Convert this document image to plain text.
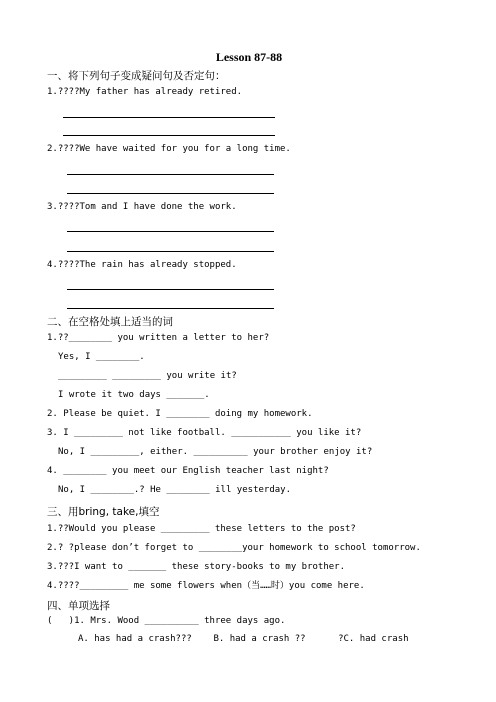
Lesson 87-88
一、将下列句子变成疑问句及否定句：
1.????My father has already retired.
2.????We have waited for you for a long time.
3.????Tom and I have done the work.
4.????The rain has already stopped.
二、在空格处填上适当的词
1.??________ you written a letter to her?
Yes, I ________.
_________ _________ you write it?
I wrote it two days _______.
2. Please be quiet. I ________ doing my homework.
3. I _________ not like football. ___________ you like it?
No, I _________, either. __________ your brother enjoy it?
4. ________ you meet our English teacher last night?
No, I ________.? He ________ ill yesterday.
三、用bring, take,填空
1.??Would you please _________ these letters to the post?
2.? ?please don’t forget to ________your homework to school tomorrow.
3.???I want to _______ these story-books to my brother.
4.????_________ me some flowers when（当……时）you come here.
四、单项选择
(   )1. Mrs. Wood __________ three days ago.
A. has had a crash???    B. had a crash ??      ?C. had crash
